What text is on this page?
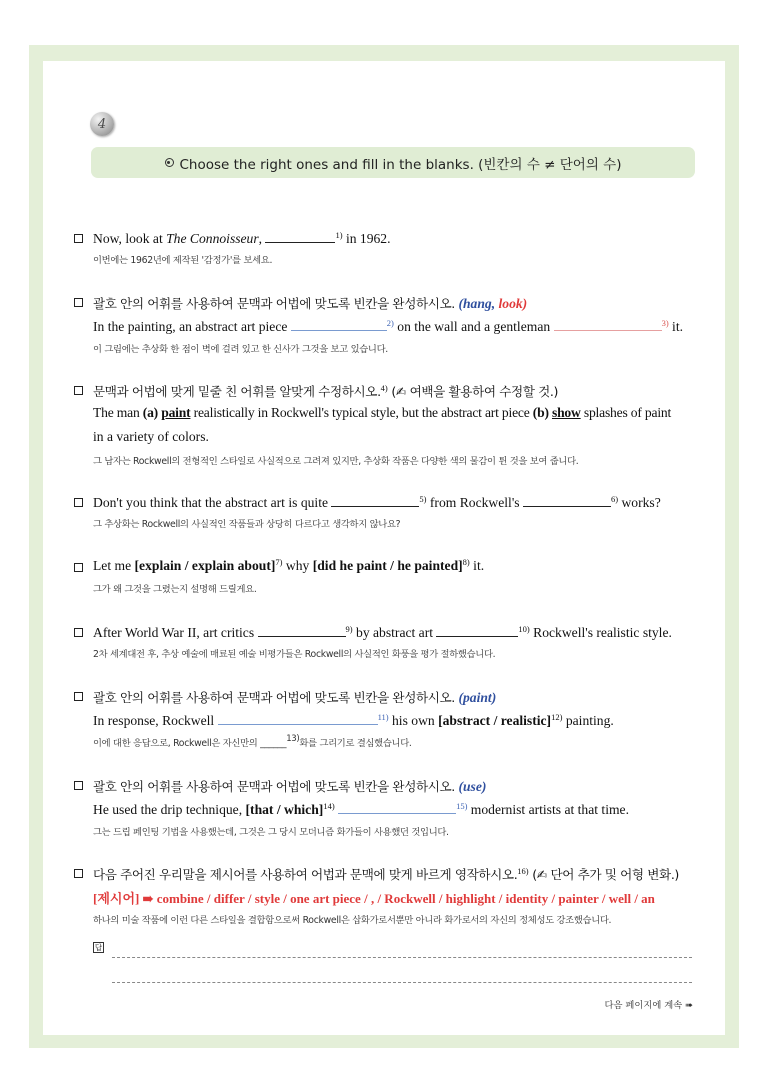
4
Choose the right ones and fill in the blanks. (빈칸의 수 ≠ 단어의 수)
Now, look at The Connoisseur,	$^{1)}$ in 1962.
이번에는 1962년에 제작된 '감정가'를 보세요.
괄호 안의 어휘를 사용하여 문맥과 어법에 맞도록 빈칸을 완성하시오. (hang, look)
In the painting, an abstract art piece	$^{2)}$ on the wall and a gentleman	$^{3)}$ it.
이 그림에는 추상화 한 점이 벽에 걸려 있고 한 신사가 그것을 보고 있습니다.
문맥과 어법에 맞게 밑줄 친 어휘를 알맞게 수정하시오.$^{4)}$ (✍ 여백을 활용하여 수정할 것.)
The man (a) paint realistically in Rockwell's typical style, but the abstract art piece (b) show splashes of paint
in a variety of colors.
그 남자는 Rockwell의 전형적인 스타일로 사실적으로 그려져 있지만, 추상화 작품은 다양한 색의 물감이 튄 것을 보여 줍니다.
Don't you think that the abstract art is quite	$^{5)}$ from Rockwell's	$^{6)}$ works?
그 추상화는 Rockwell의 사실적인 작품들과 상당히 다르다고 생각하지 않나요?
Let me [explain / explain about]$^{7)}$ why [did he paint / he painted]$^{8)}$ it.
그가 왜 그것을 그렸는지 설명해 드릴게요.
After World War II, art critics	$^{9)}$ by abstract art	$^{10)}$ Rockwell's realistic style.
2차 세계대전 후, 추상 예술에 매료된 예술 비평가들은 Rockwell의 사실적인 화풍을 평가 절하했습니다.
괄호 안의 어휘를 사용하여 문맥과 어법에 맞도록 빈칸을 완성하시오. (paint)
In response, Rockwell	$^{11)}$ his own [abstract / realistic]$^{12)}$ painting.
이에 대한 응답으로, Rockwell은 자신만의 ______$^{13)}$화를 그리기로 결심했습니다.
괄호 안의 어휘를 사용하여 문맥과 어법에 맞도록 빈칸을 완성하시오. (use)
He used the drip technique, [that / which]$^{14)}$	$^{15)}$ modernist artists at that time.
그는 드립 페인팅 기법을 사용했는데, 그것은 그 당시 모더니즘 화가들이 사용했던 것입니다.
다음 주어진 우리말을 제시어를 사용하여 어법과 문맥에 맞게 바르게 영작하시오.$^{16)}$ (✍ 단어 추가 및 어형 변화.)
[제시어] ➠ combine / differ / style / one art piece / , / Rockwell / highlight / identity / painter / well / an
하나의 미술 작품에 이런 다른 스타일을 결합함으로써 Rockwell은 삽화가로서뿐만 아니라 화가로서의 자신의 정체성도 강조했습니다.
답
다음 페이지에 계속 ➠
